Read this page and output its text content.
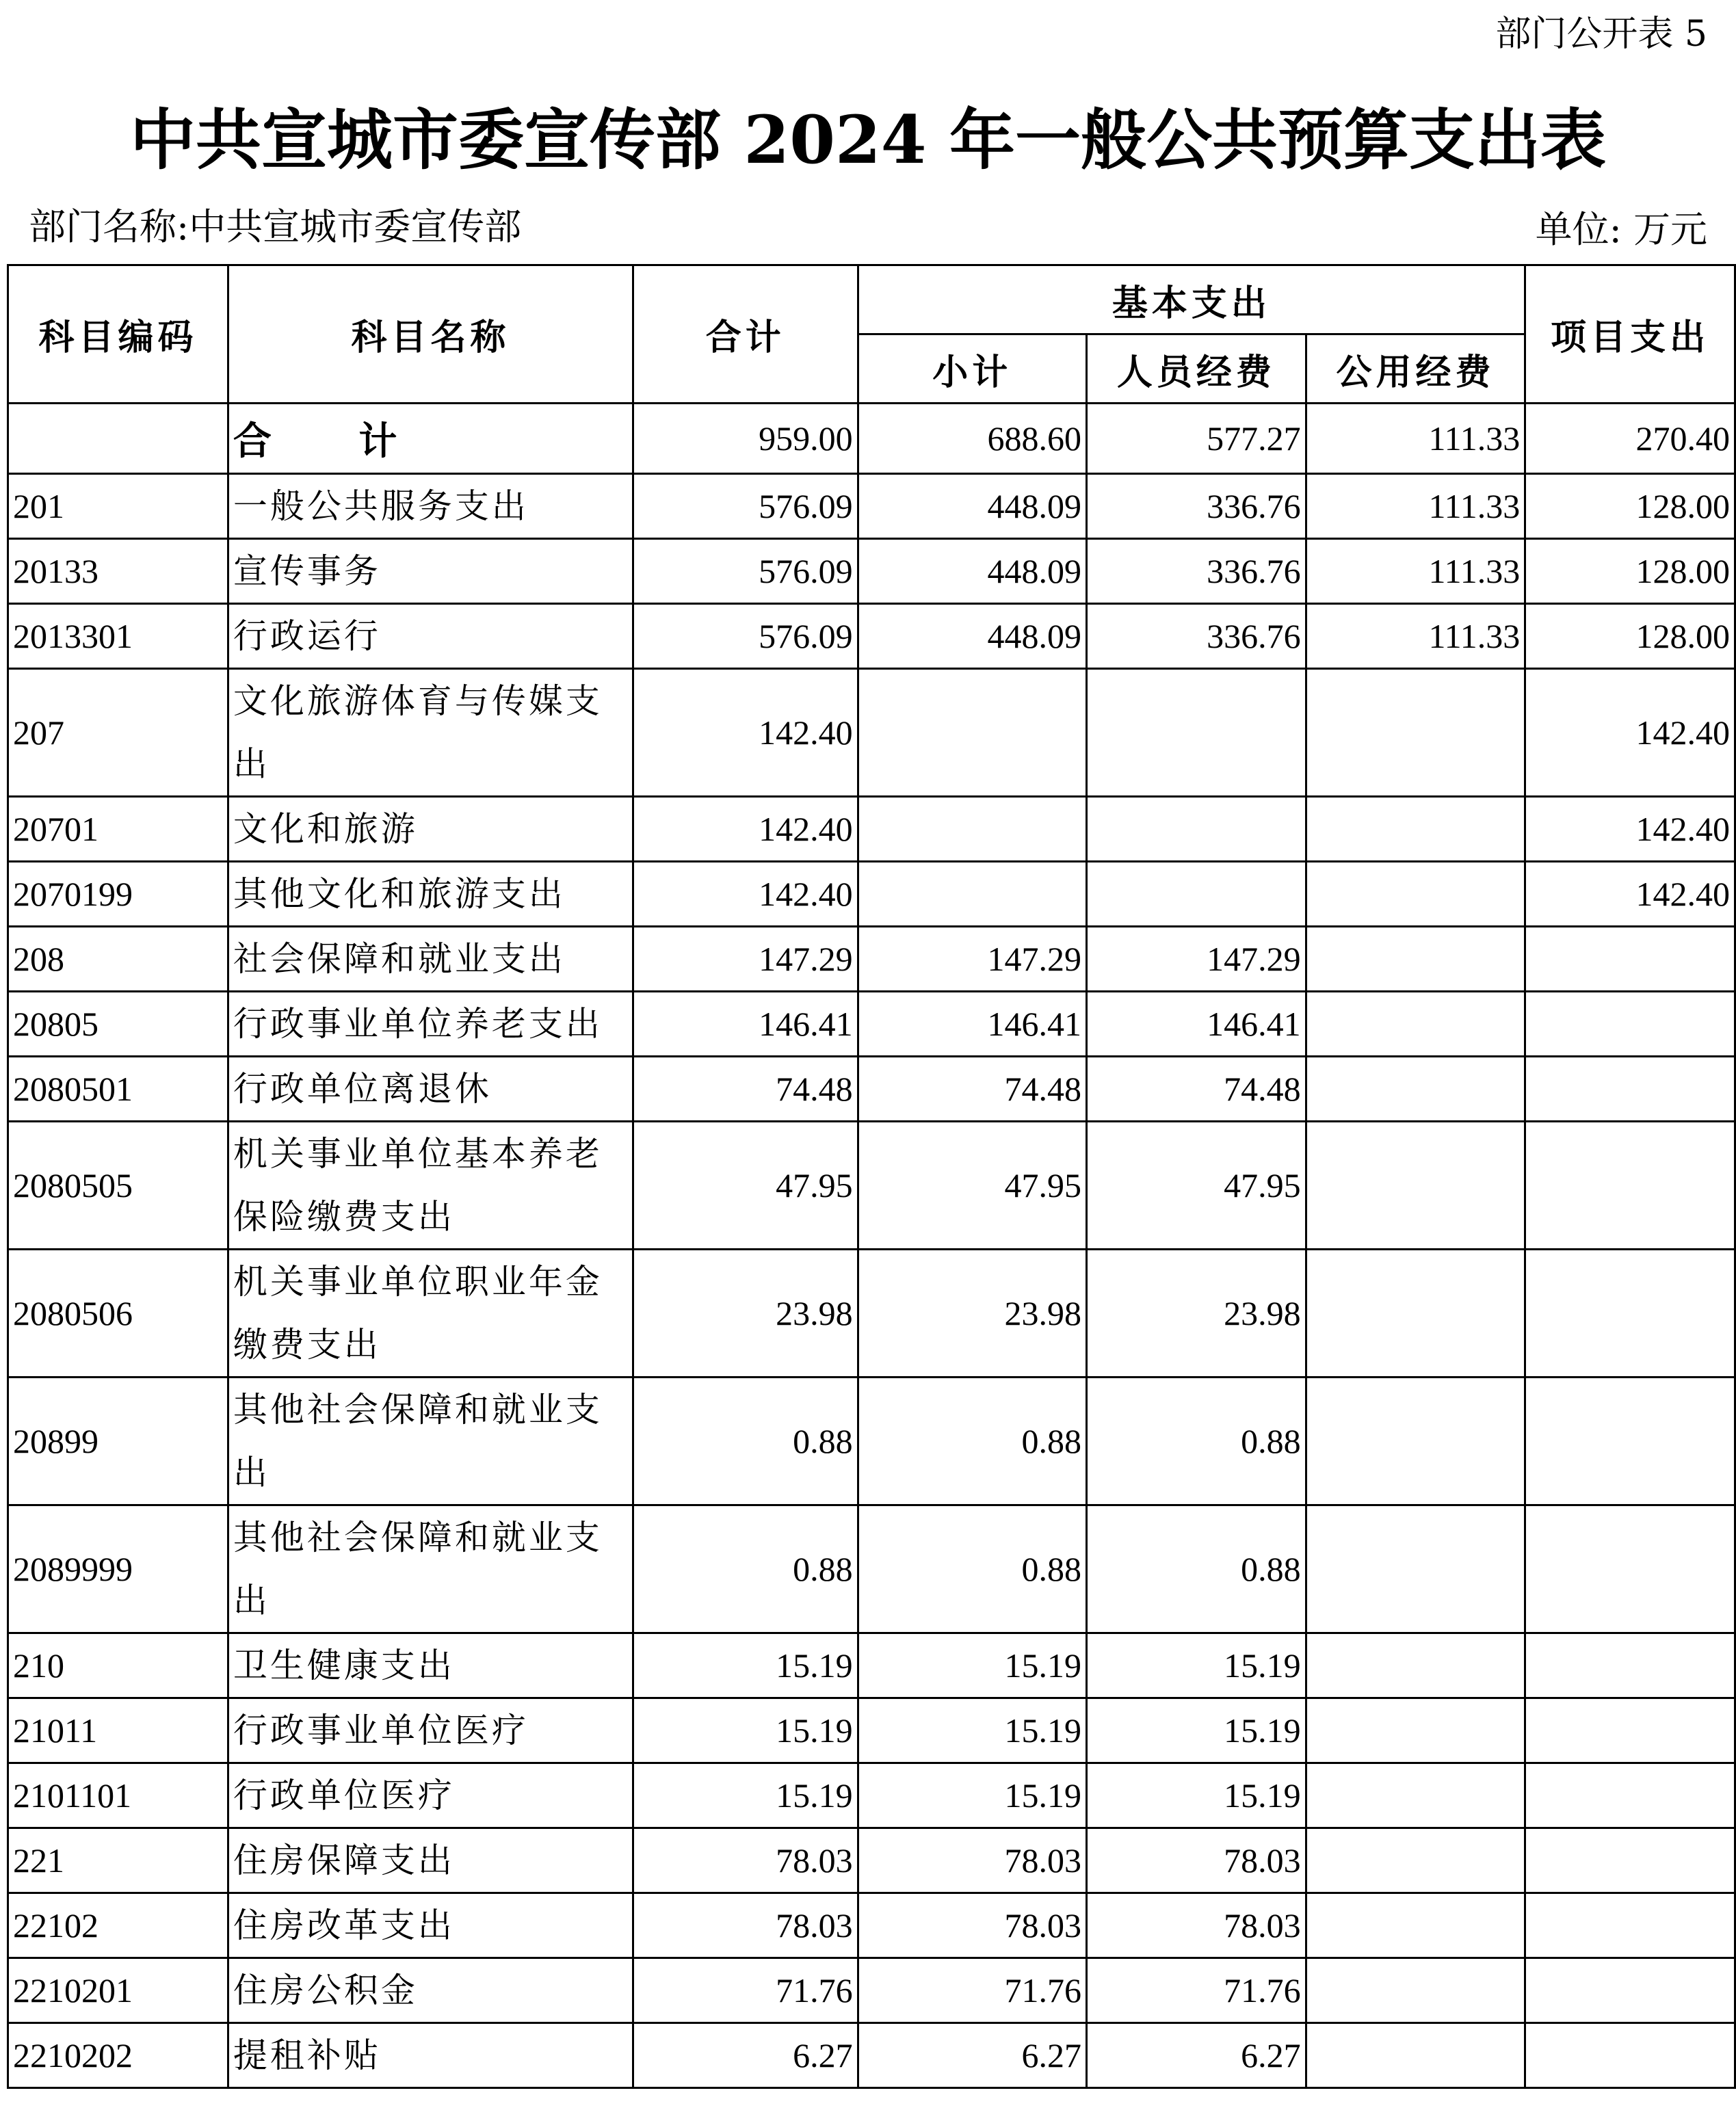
部门公开表 5
中共宣城市委宣传部 2024 年一般公共预算支出表
部门名称:中共宣城市委宣传部	单位: 万元
科目编码	科目名称	合计	基本支出			项目支出
			小计	人员经费	公用经费	
	合 计	959.00	688.60	577.27	111.33	270.40
201	一般公共服务支出	576.09	448.09	336.76	111.33	128.00
20133	宣传事务	576.09	448.09	336.76	111.33	128.00
2013301	行政运行	576.09	448.09	336.76	111.33	128.00
207	文化旅游体育与传媒支出	142.40				142.40
20701	文化和旅游	142.40				142.40
2070199	其他文化和旅游支出	142.40				142.40
208	社会保障和就业支出	147.29	147.29	147.29		
20805	行政事业单位养老支出	146.41	146.41	146.41		
2080501	行政单位离退休	74.48	74.48	74.48		
2080505	机关事业单位基本养老保险缴费支出	47.95	47.95	47.95		
2080506	机关事业单位职业年金缴费支出	23.98	23.98	23.98		
20899	其他社会保障和就业支出	0.88	0.88	0.88		
2089999	其他社会保障和就业支出	0.88	0.88	0.88		
210	卫生健康支出	15.19	15.19	15.19		
21011	行政事业单位医疗	15.19	15.19	15.19		
2101101	行政单位医疗	15.19	15.19	15.19		
221	住房保障支出	78.03	78.03	78.03		
22102	住房改革支出	78.03	78.03	78.03		
2210201	住房公积金	71.76	71.76	71.76		
2210202	提租补贴	6.27	6.27	6.27		
